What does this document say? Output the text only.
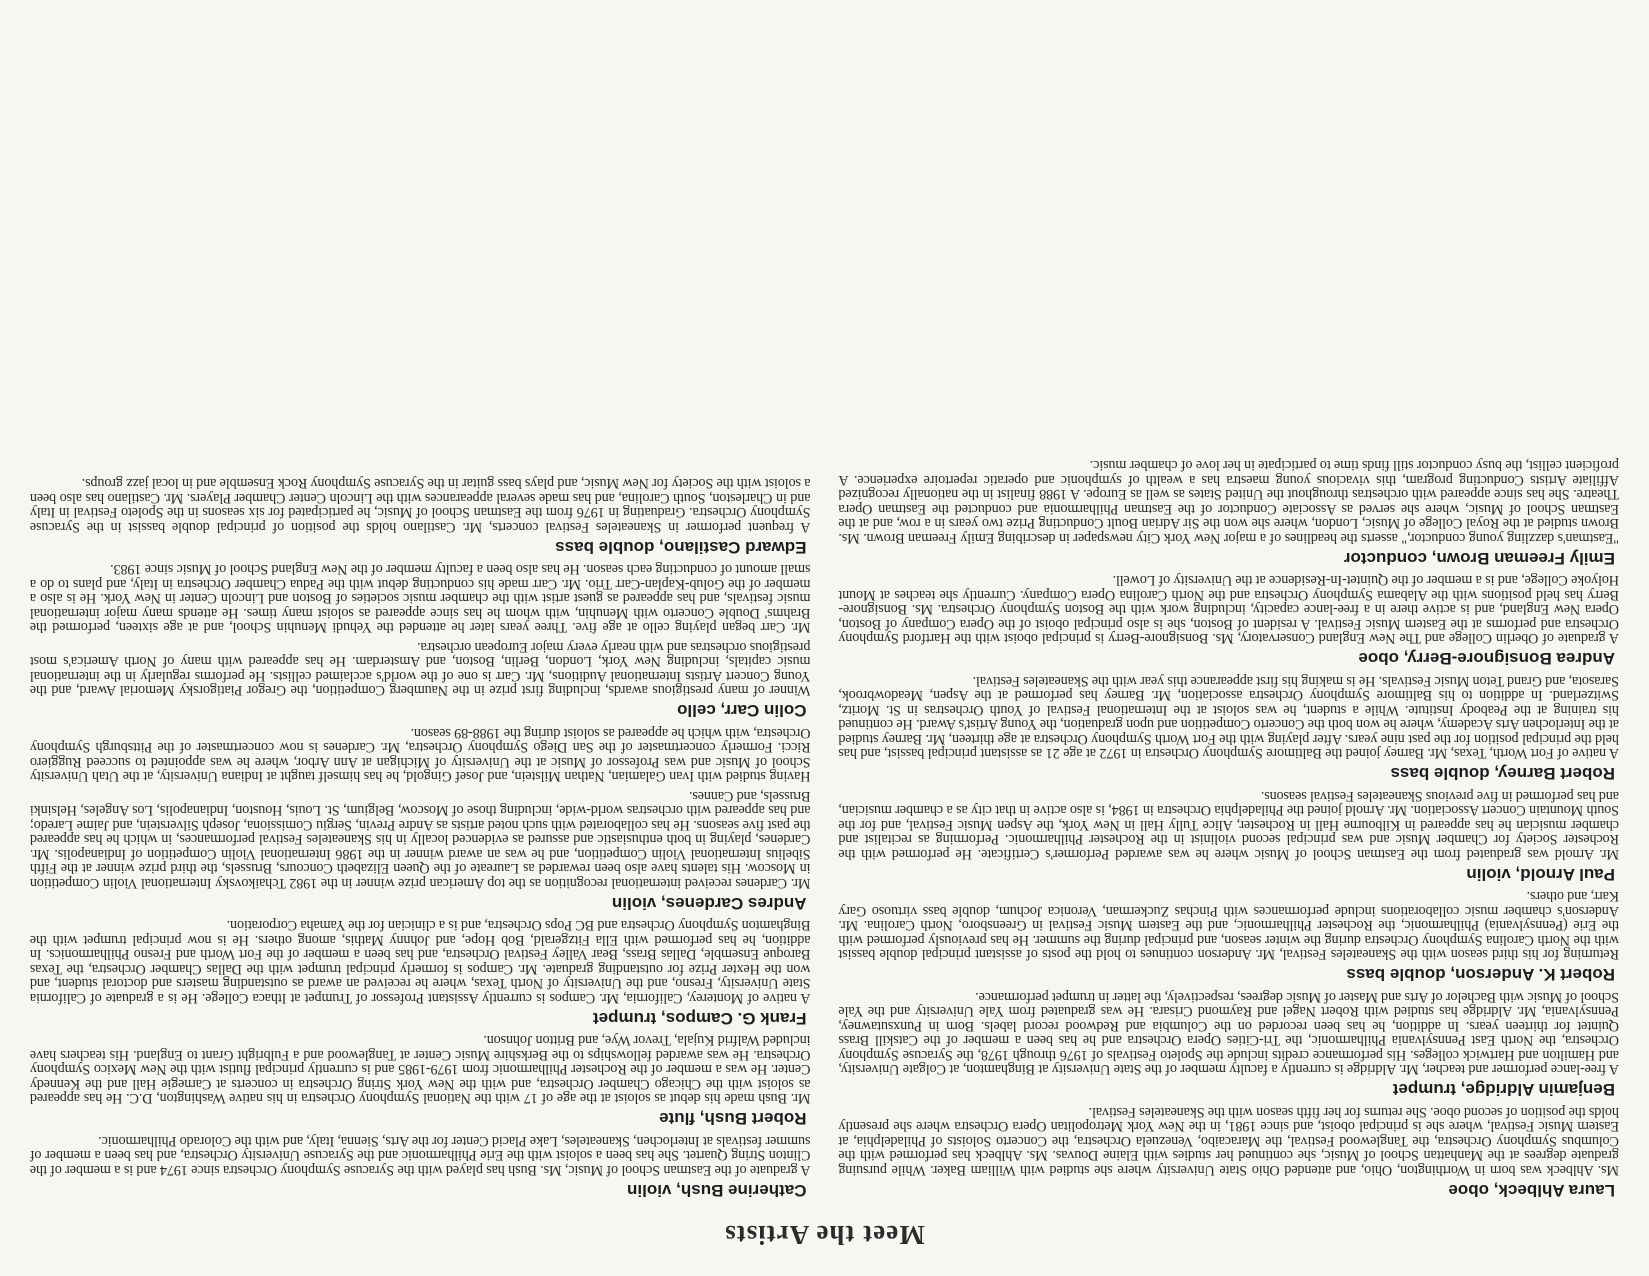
Meet the Artists
Laura Ahlbeck, oboe

Ms. Ahlbeck was born in Worthington, Ohio, and attended Ohio State University where she studied with William Baker. While pursuing graduate degrees at the Manhattan School of Music, she continued her studies with Elaine Douvas. Ms. Ahlbeck has performed with the Columbus Symphony Orchestra, the Tanglewood Festival, the Maracaibo, Venezuela Orchestra, the Concerto Soloists of Philadelphia, at Eastern Music Festival, where she is principal oboist, and since 1981, in the New York Metropolitan Opera Orchestra where she presently holds the position of second oboe. She returns for her fifth season with the Skaneateles Festival.

Benjamin Aldridge, trumpet

A free-lance performer and teacher, Mr. Aldridge is currently a faculty member of the State University at Binghamton, at Colgate University, and Hamilton and Hartwick colleges. His performance credits include the Spoleto Festivals of 1976 through 1978, the Syracuse Symphony Orchestra, the North East Pennsylvania Philharmonic, the Tri-Cities Opera Orchestra and he has been a member of the Catskill Brass Quintet for thirteen years. In addition, he has been recorded on the Columbia and Redwood record labels. Born in Punxsutawney, Pennsylvania, Mr. Aldridge has studied with Robert Nagel and Raymond Crisara. He was graduated from Yale University and the Yale School of Music with Bachelor of Arts and Master of Music degrees, respectively, the latter in trumpet performance.

Robert K. Anderson, double bass

Returning for his third season with the Skaneateles Festival, Mr. Anderson continues to hold the posts of assistant principal double bassist with the North Carolina Symphony Orchestra during the winter season, and principal during the summer. He has previously performed with the Erie (Pennsylvania) Philharmonic, the Rochester Philharmonic, and the Eastern Music Festival in Greensboro, North Carolina. Mr. Anderson's chamber music collaborations include performances with Pinchas Zuckerman, Veronica Jochum, double bass virtuoso Gary Karr, and others.

Paul Arnold, violin

Mr. Arnold was graduated from the Eastman School of Music where he was awarded Performer's Certificate. He performed with the Rochester Society for Chamber Music and was principal second violinist in the Rochester Philharmonic. Performing as recitalist and chamber musician he has appeared in Kilbourne Hall in Rochester, Alice Tully Hall in New York, the Aspen Music Festival, and for the South Mountain Concert Association. Mr. Arnold joined the Philadelphia Orchestra in 1984, is also active in that city as a chamber musician, and has performed in five previous Skaneateles Festival seasons.

Robert Barney, double bass

A native of Fort Worth, Texas, Mr. Barney joined the Baltimore Symphony Orchestra in 1972 at age 21 as assistant principal bassist, and has held the principal position for the past nine years. After playing with the Fort Worth Symphony Orchestra at age thirteen, Mr. Barney studied at the Interlochen Arts Academy, where he won both the Concerto Competition and upon graduation, the Young Artist's Award. He continued his training at the Peabody Institute. While a student, he was soloist at the International Festival of Youth Orchestras in St. Moritz, Switzerland. In addition to his Baltimore Symphony Orchestra association, Mr. Barney has performed at the Aspen, Meadowbrook, Sarasota, and Grand Teton Music Festivals. He is making his first appearance this year with the Skaneateles Festival.

Andrea Bonsignore-Berry, oboe

A graduate of Oberlin College and The New England Conservatory, Ms. Bonsignore-Berry is principal oboist with the Hartford Symphony Orchestra and performs at the Eastern Music Festival. A resident of Boston, she is also principal oboist of the Opera Company of Boston, Opera New England, and is active there in a free-lance capacity, including work with the Boston Symphony Orchestra. Ms. Bonsignore-Berry has held positions with the Alabama Symphony Orchestra and the North Carolina Opera Company. Currently she teaches at Mount Holyoke College, and is a member of the Quintet-In-Residence at the University of Lowell.

Emily Freeman Brown, conductor

"Eastman's dazzling young conductor," asserts the headlines of a major New York City newspaper in describing Emily Freeman Brown. Ms. Brown studied at the Royal College of Music, London, where she won the Sir Adrian Boult Conducting Prize two years in a row, and at the Eastman School of Music, where she served as Associate Conductor of the Eastman Philharmonia and conducted the Eastman Opera Theatre. She has since appeared with orchestras throughout the United States as well as Europe. A 1988 finalist in the nationally recognized Affiliate Artists Conducting program, this vivacious young maestra has a wealth of symphonic and operatic repertoire experience. A proficient cellist, the busy conductor still finds time to participate in her love of chamber music.

Catherine Bush, violin

A graduate of the Eastman School of Music, Ms. Bush has played with the Syracuse Symphony Orchestra since 1974 and is a member of the Clinton String Quartet. She has been a soloist with the Erie Philharmonic and the Syracuse University Orchestra, and has been a member of summer festivals at Interlochen, Skaneateles, Lake Placid Center for the Arts, Sienna, Italy, and with the Colorado Philharmonic.

Robert Bush, flute

Mr. Bush made his debut as soloist at the age of 17 with the National Symphony Orchestra in his native Washington, D.C. He has appeared as soloist with the Chicago Chamber Orchestra, and with the New York String Orchestra in concerts at Carnegie Hall and the Kennedy Center. He was a member of the Rochester Philharmonic from 1979-1985 and is currently principal flutist with the New Mexico Symphony Orchestra. He was awarded fellowships to the Berkshire Music Center at Tanglewood and a Fulbright Grant to England. His teachers have included Walfrid Kujala, Trevor Wye, and Britton Johnson.

Frank G. Campos, trumpet

A native of Monterey, California, Mr. Campos is currently Assistant Professor of Trumpet at Ithaca College. He is a graduate of California State University, Fresno, and the University of North Texas, where he received an award as outstanding masters and doctoral student, and won the Hexter Prize for outstanding graduate. Mr. Campos is formerly principal trumpet with the Dallas Chamber Orchestra, the Texas Baroque Ensemble, Dallas Brass, Bear Valley Festival Orchestra, and has been a member of the Fort Worth and Fresno Philharmonics. In addition, he has performed with Ella Fitzgerald, Bob Hope, and Johnny Mathis, among others. He is now principal trumpet with the Binghamton Symphony Orchestra and BC Pops Orchestra, and is a clinician for the Yamaha Corporation.

Andres Cardenes, violin

Mr. Cardenes received international recognition as the top American prize winner in the 1982 Tchaikovsky International Violin Competition in Moscow. His talents have also been rewarded as Laureate of the Queen Elizabeth Concours, Brussels, the third prize winner at the Fifth Sibelius International Violin Competition, and he was an award winner in the 1986 International Violin Competition of Indianapolis. Mr. Cardenes, playing in both enthusiastic and assured as evidenced locally in his Skaneateles Festival performances, in which he has appeared the past five seasons. He has collaborated with such noted artists as Andre Previn, Sergiu Comissiona, Joseph Silverstein, and Jaime Laredo; and has appeared with orchestras world-wide, including those of Moscow, Belgium, St. Louis, Houston, Indianapolis, Los Angeles, Helsinki Brussels, and Cannes.

Having studied with Ivan Galamian, Nathan Milstein, and Josef Gingold, he has himself taught at Indiana University, at the Utah University School of Music and was Professor of Music at the University of Michigan at Ann Arbor, where he was appointed to succeed Ruggiero Ricci. Formerly concertmaster of the San Diego Symphony Orchestra, Mr. Cardenes is now concertmaster of the Pittsburgh Symphony Orchestra, with which he appeared as soloist during the 1988-89 season.

Colin Carr, cello

Winner of many prestigious awards, including first prize in the Naumberg Competition, the Gregor Piatigorsky Memorial Award, and the Young Concert Artists International Auditions, Mr. Carr is one of the world's acclaimed cellists. He performs regularly in the international music capitals, including New York, London, Berlin, Boston, and Amsterdam. He has appeared with many of North America's most prestigious orchestras and with nearly every major European orchestra.

Mr. Carr began playing cello at age five. Three years later he attended the Yehudi Menuhin School, and at age sixteen, performed the Brahms' Double Concerto with Menuhin, with whom he has since appeared as soloist many times. He attends many major international music festivals, and has appeared as guest artist with the chamber music societies of Boston and Lincoln Center in New York. He is also a member of the Golub-Kaplan-Carr Trio. Mr. Carr made his conducting debut with the Padua Chamber Orchestra in Italy, and plans to do a small amount of conducting each season. He has also been a faculty member of the New England School of Music since 1983.

Edward Castilano, double bass

A frequent performer in Skaneateles Festival concerts, Mr. Castilano holds the position of principal double bassist in the Syracuse Symphony Orchestra. Graduating in 1976 from the Eastman School of Music, he participated for six seasons in the Spoleto Festival in Italy and in Charleston, South Carolina, and has made several appearances with the Lincoln Center Chamber Players. Mr. Castilano has also been a soloist with the Society for New Music, and plays bass guitar in the Syracuse Symphony Rock Ensemble and in local jazz groups.
